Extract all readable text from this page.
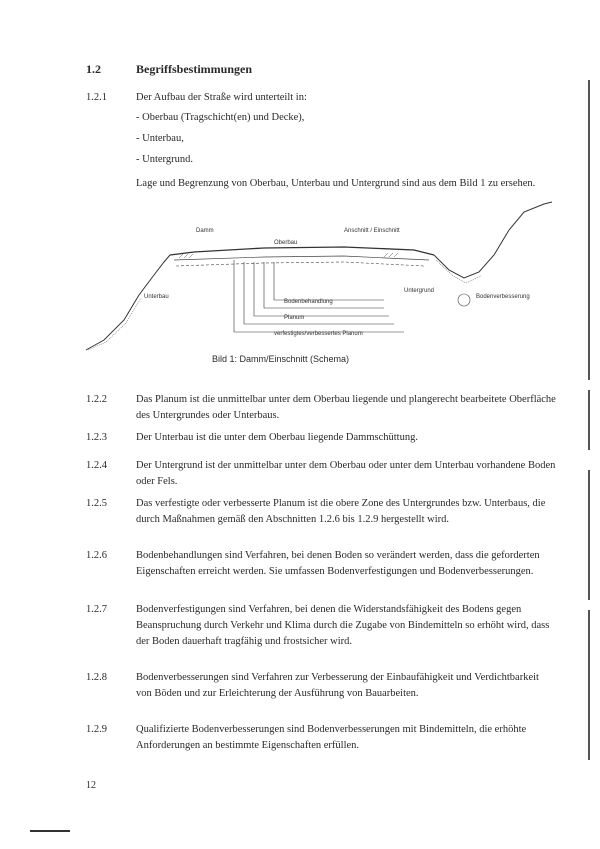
1.2	Begriffsbestimmungen
1.2.1	Der Aufbau der Straße wird unterteilt in:
- Oberbau (Tragschicht(en) und Decke),
- Unterbau,
- Untergrund.
Lage und Begrenzung von Oberbau, Unterbau und Untergrund sind aus dem Bild 1 zu ersehen.
Damm	Anschnitt / Einschnitt
Oberbau
Unterbau
Untergrund
Bodenbehandlung
Bodenverbesserung
Planum
verfestigtes/verbessertes Planum
Bild 1: Damm/Einschnitt (Schema)
1.2.2	Das Planum ist die unmittelbar unter dem Oberbau liegende und plangerecht bearbeitete Oberfläche des Untergrundes oder Unterbaus.
1.2.3	Der Unterbau ist die unter dem Oberbau liegende Dammschüttung.
1.2.4	Der Untergrund ist der unmittelbar unter dem Oberbau oder unter dem Unterbau vorhandene Boden oder Fels.
1.2.5	Das verfestigte oder verbesserte Planum ist die obere Zone des Untergrundes bzw. Unterbaus, die durch Maßnahmen gemäß den Abschnitten 1.2.6 bis 1.2.9 hergestellt wird.
1.2.6	Bodenbehandlungen sind Verfahren, bei denen Boden so verändert werden, dass die geforderten Eigenschaften erreicht werden. Sie umfassen Bodenverfestigungen und Bodenverbesserungen.
1.2.7	Bodenverfestigungen sind Verfahren, bei denen die Widerstandsfähigkeit des Bodens gegen Beanspruchung durch Verkehr und Klima durch die Zugabe von Bindemitteln so erhöht wird, dass der Boden dauerhaft tragfähig und frostsicher wird.
1.2.8	Bodenverbesserungen sind Verfahren zur Verbesserung der Einbaufähigkeit und Verdichtbarkeit von Böden und zur Erleichterung der Ausführung von Bauarbeiten.
1.2.9	Qualifizierte Bodenverbesserungen sind Bodenverbesserungen mit Bindemitteln, die erhöhte Anforderungen an bestimmte Eigenschaften erfüllen.
12
